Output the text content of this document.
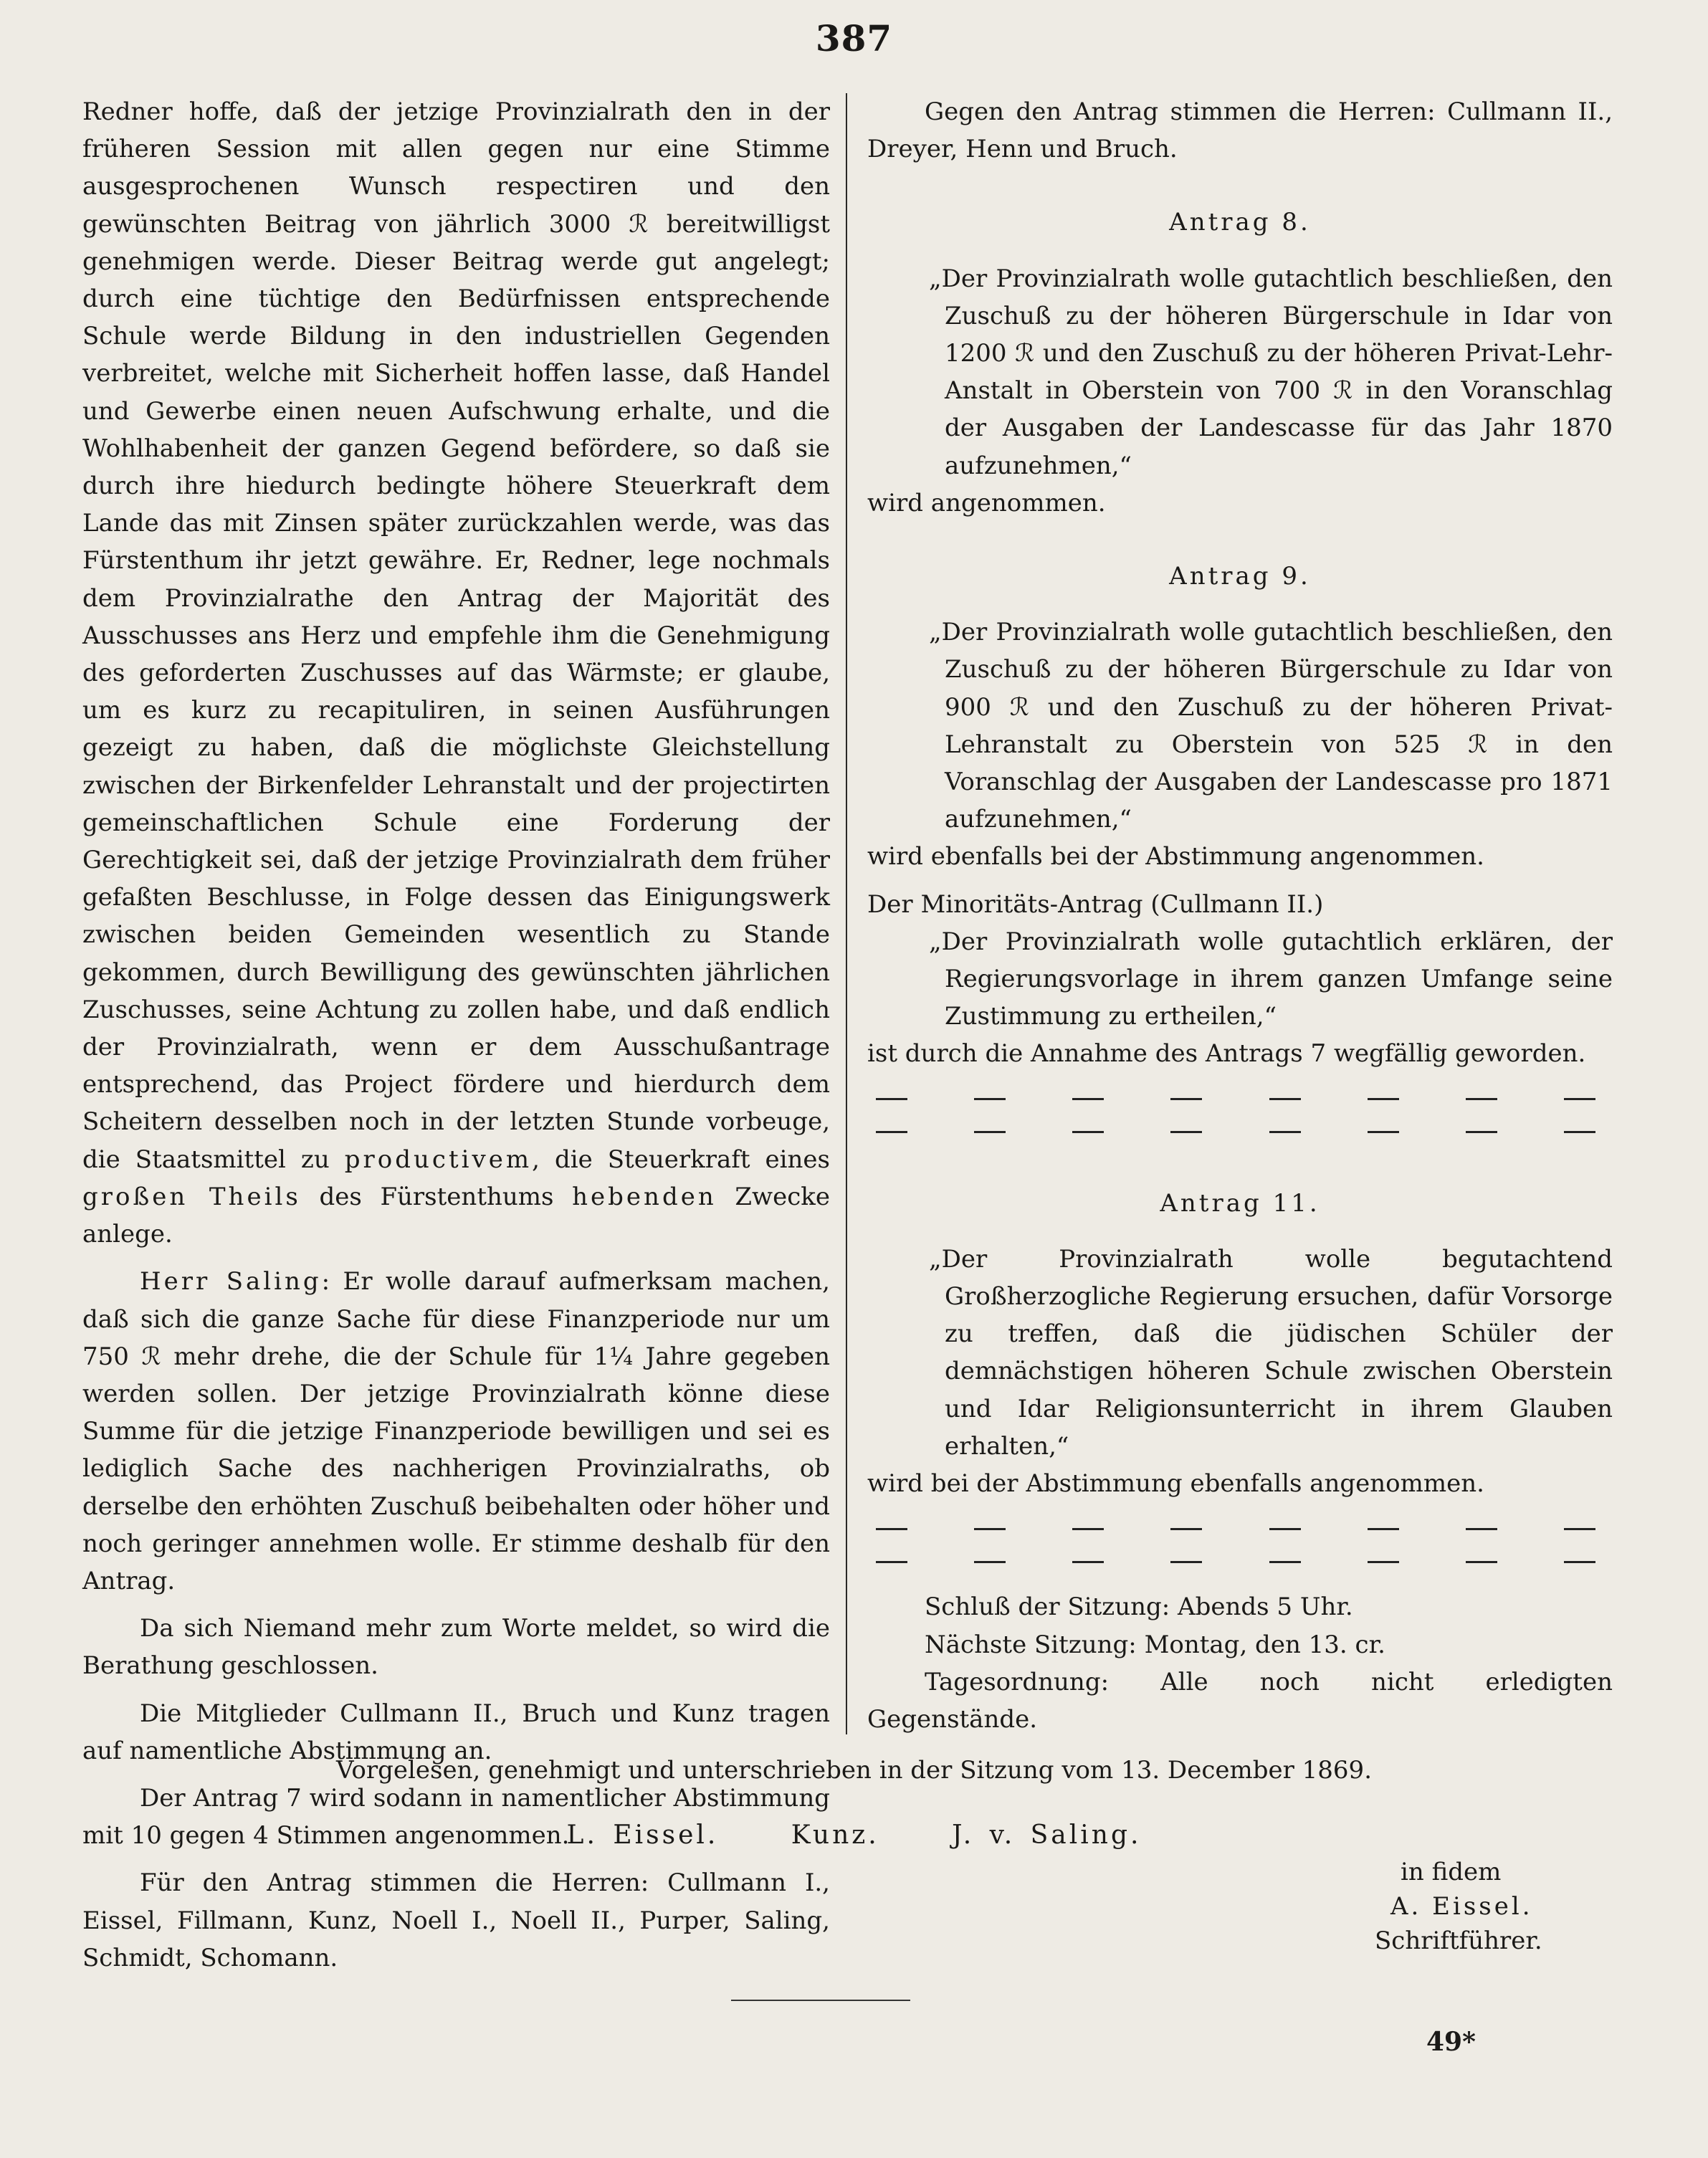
387

Redner hoffe, daß der jetzige Provinzialrath den in der früheren Session mit allen gegen nur eine Stimme ausgesprochenen Wunsch respectiren und den gewünschten Beitrag von jährlich 3000 ℛ bereitwilligst genehmigen werde. Dieser Beitrag werde gut angelegt; durch eine tüchtige den Bedürfnissen entsprechende Schule werde Bildung in den industriellen Gegenden verbreitet, welche mit Sicherheit hoffen lasse, daß Handel und Gewerbe einen neuen Aufschwung erhalte, und die Wohlhabenheit der ganzen Gegend befördere, so daß sie durch ihre hiedurch bedingte höhere Steuerkraft dem Lande das mit Zinsen später zurückzahlen werde, was das Fürstenthum ihr jetzt gewähre. Er, Redner, lege nochmals dem Provinzialrathe den Antrag der Majorität des Ausschusses ans Herz und empfehle ihm die Genehmigung des geforderten Zuschusses auf das Wärmste; er glaube, um es kurz zu recapituliren, in seinen Ausführungen gezeigt zu haben, daß die möglichste Gleichstellung zwischen der Birkenfelder Lehranstalt und der projectirten gemeinschaftlichen Schule eine Forderung der Gerechtigkeit sei, daß der jetzige Provinzialrath dem früher gefaßten Beschlusse, in Folge dessen das Einigungswerk zwischen beiden Gemeinden wesentlich zu Stande gekommen, durch Bewilligung des gewünschten jährlichen Zuschusses, seine Achtung zu zollen habe, und daß endlich der Provinzialrath, wenn er dem Ausschußantrage entsprechend, das Project fördere und hierdurch dem Scheitern desselben noch in der letzten Stunde vorbeuge, die Staatsmittel zu productivem, die Steuerkraft eines großen Theils des Fürstenthums hebenden Zwecke anlege.

Herr Saling: Er wolle darauf aufmerksam machen, daß sich die ganze Sache für diese Finanzperiode nur um 750 ℛ mehr drehe, die der Schule für 1¼ Jahre gegeben werden sollen. Der jetzige Provinzialrath könne diese Summe für die jetzige Finanzperiode bewilligen und sei es lediglich Sache des nachherigen Provinzialraths, ob derselbe den erhöhten Zuschuß beibehalten oder höher und noch geringer annehmen wolle. Er stimme deshalb für den Antrag.

Da sich Niemand mehr zum Worte meldet, so wird die Berathung geschlossen.

Die Mitglieder Cullmann II., Bruch und Kunz tragen auf namentliche Abstimmung an.

Der Antrag 7 wird sodann in namentlicher Abstimmung mit 10 gegen 4 Stimmen angenommen.

Für den Antrag stimmen die Herren: Cullmann I., Eissel, Fillmann, Kunz, Noell I., Noell II., Purper, Saling, Schmidt, Schomann.

Gegen den Antrag stimmen die Herren: Cullmann II., Dreyer, Henn und Bruch.

Antrag 8.

„Der Provinzialrath wolle gutachtlich beschließen, den Zuschuß zu der höheren Bürgerschule in Idar von 1200 ℛ und den Zuschuß zu der höheren Privat-Lehr-Anstalt in Oberstein von 700 ℛ in den Voranschlag der Ausgaben der Landescasse für das Jahr 1870 aufzunehmen,“

wird angenommen.

Antrag 9.

„Der Provinzialrath wolle gutachtlich beschließen, den Zuschuß zu der höheren Bürgerschule zu Idar von 900 ℛ und den Zuschuß zu der höheren Privat-Lehranstalt zu Oberstein von 525 ℛ in den Voranschlag der Ausgaben der Landescasse pro 1871 aufzunehmen,“

wird ebenfalls bei der Abstimmung angenommen.

Der Minoritäts-Antrag (Cullmann II.)

„Der Provinzialrath wolle gutachtlich erklären, der Regierungsvorlage in ihrem ganzen Umfange seine Zustimmung zu ertheilen,“

ist durch die Annahme des Antrags 7 wegfällig geworden.

Antrag 11.

„Der Provinzialrath wolle begutachtend Großherzogliche Regierung ersuchen, dafür Vorsorge zu treffen, daß die jüdischen Schüler der demnächstigen höheren Schule zwischen Oberstein und Idar Religionsunterricht in ihrem Glauben erhalten,“

wird bei der Abstimmung ebenfalls angenommen.

Schluß der Sitzung: Abends 5 Uhr.

Nächste Sitzung: Montag, den 13. cr.

Tagesordnung: Alle noch nicht erledigten Gegenstände.

Vorgelesen, genehmigt und unterschrieben in der Sitzung vom 13. December 1869.
L. Eissel.	Kunz.	J. v. Saling.
in fidem
A. Eissel.
Schriftführer.
49*
